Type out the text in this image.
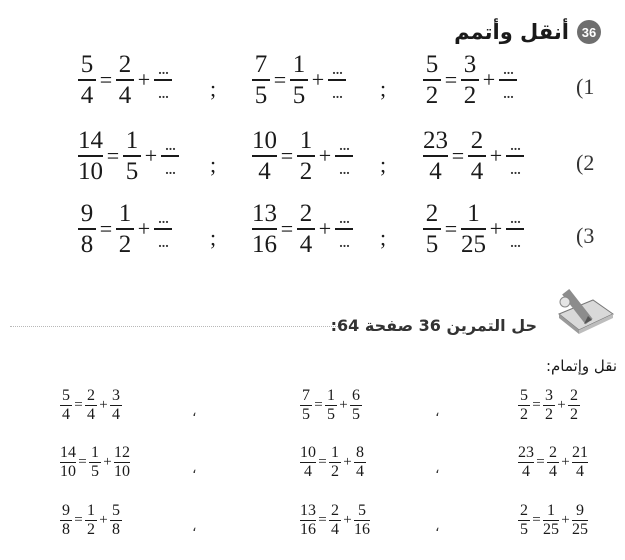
36
أنقل وأتمم
$\frac{5}{4} = \frac{2}{4} + \frac{...}{...}$	$\frac{7}{5} = \frac{1}{5} + \frac{...}{...}$	$\frac{5}{2} = \frac{3}{2} + \frac{...}{...}$
;	;	(1
$\frac{14}{10} = \frac{1}{5} + \frac{...}{...}$	$\frac{10}{4} = \frac{1}{2} + \frac{...}{...}$	$\frac{23}{4} = \frac{2}{4} + \frac{...}{...}$
;	;	(2
$\frac{9}{8} = \frac{1}{2} + \frac{...}{...}$	$\frac{13}{16} = \frac{2}{4} + \frac{...}{...}$	$\frac{2}{5} = \frac{1}{25} + \frac{...}{...}$
;	;	(3
حل التمرين 36 صفحة 64:
نقل وإتمام:
$\frac{5}{4} = \frac{2}{4} + \frac{3}{4}$	$\frac{7}{5} = \frac{1}{5} + \frac{6}{5}$	$\frac{5}{2} = \frac{3}{2} + \frac{2}{2}$
،	،
$\frac{14}{10} = \frac{1}{5} + \frac{12}{10}$	$\frac{10}{4} = \frac{1}{2} + \frac{8}{4}$	$\frac{23}{4} = \frac{2}{4} + \frac{21}{4}$
،	،
$\frac{9}{8} = \frac{1}{2} + \frac{5}{8}$	$\frac{13}{16} = \frac{2}{4} + \frac{5}{16}$	$\frac{2}{5} = \frac{1}{25} + \frac{9}{25}$
،	،
